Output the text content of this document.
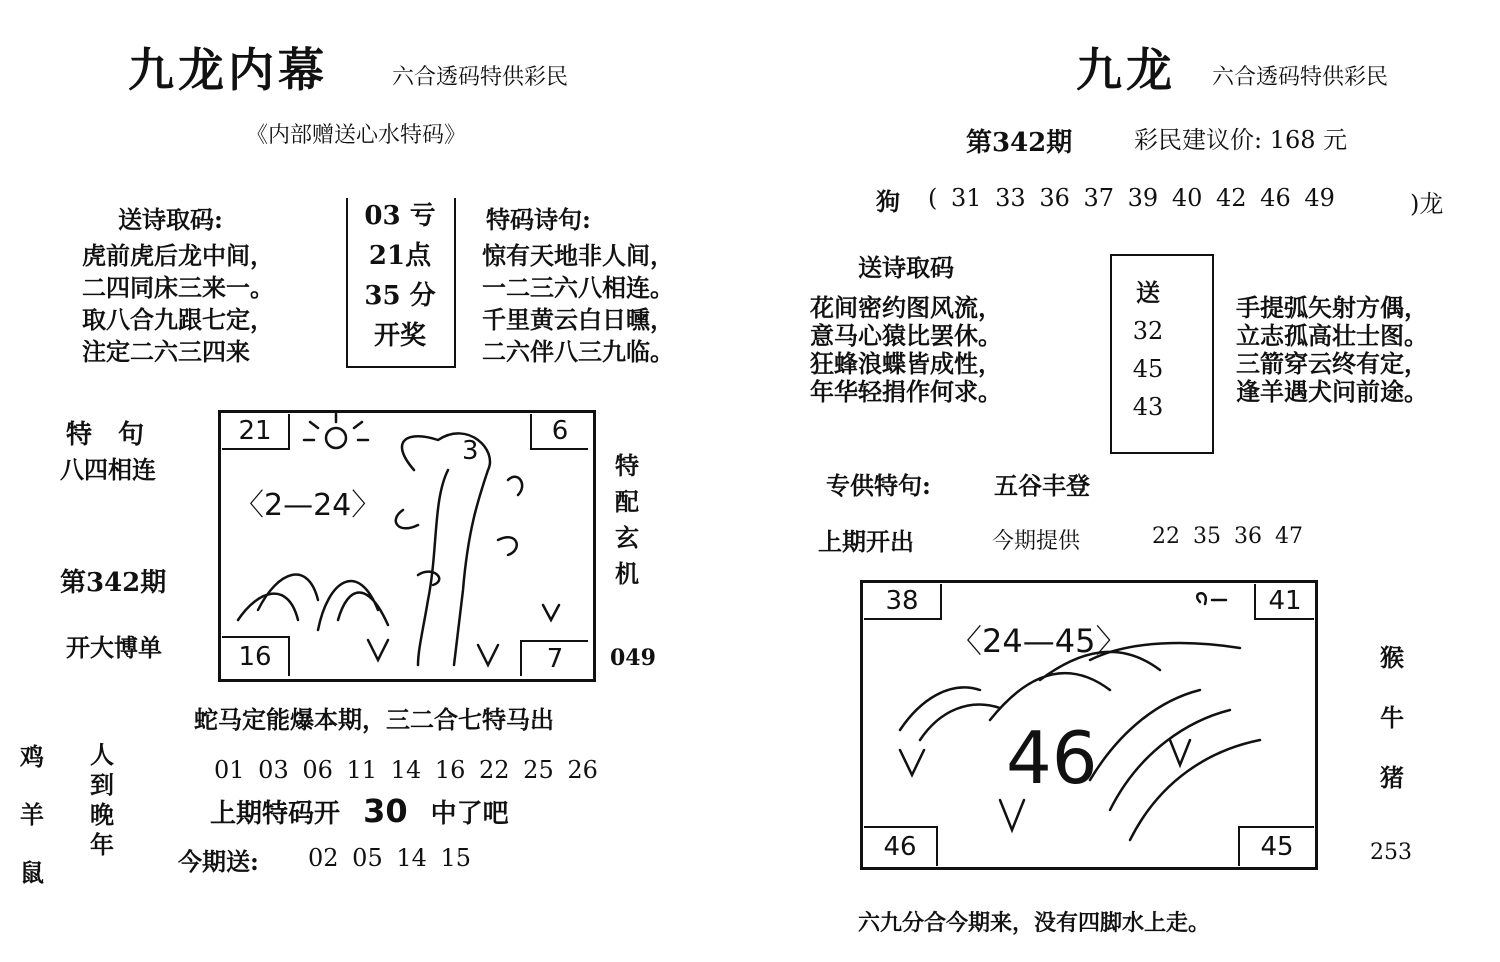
九龙内幕	六合透码特供彩民
《内部赠送心水特码》
送诗取码:
虎前虎后龙中间，
二四同床三来一。
取八合九跟七定，
注定二六三四来
03 亏
21点
35 分
开奖
特码诗句:
惊有天地非人间，
一二三六八相连。
千里黄云白日曛，
二六伴八三九临。
特　句
八四相连
第342期
开大博单
21	6
16	7
〈2—24〉
3	特
配
玄
机
049
蛇马定能爆本期，三二合七特马出
鸡
羊
鼠
人
到
晚
年
01 03 06 11 14 16 22 25 26
上期特码开 30 中了吧
今期送: 02 05 14 15
九龙 六合透码特供彩民
第342期	彩民建议价: 168 元
狗 ( 31 33 36 37 39 40 42 46 49	)龙
送诗取码
花间密约图风流，
意马心猿比罢休。
狂蜂浪蝶皆成性，
年华轻捐作何求。
送
32
45
43
手提弧矢射方偶，
立志孤高壮士图。
三箭穿云终有定，
逢羊遇犬问前途。
专供特句:	五谷丰登
上期开出	今期提供	22 35 36 47
38	41
46	45
〈24—45〉
46
猴
牛
猪
253
六九分合今期来，没有四脚水上走。
